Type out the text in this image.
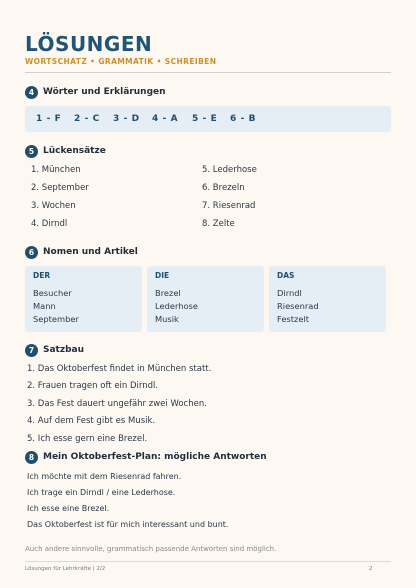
LÖSUNGEN
WORTSCHATZ • GRAMMATIK • SCHREIBEN
4 Wörter und Erklärungen
1 - F 2 - C 3 - D 4 - A 5 - E 6 - B
5 Lückensätze
1. München
2. September
3. Wochen
4. Dirndl
5. Lederhose
6. Brezeln
7. Riesenrad
8. Zelte
6 Nomen und Artikel
DER
Besucher
Mann
September
DIE
Brezel
Lederhose
Musik
DAS
Dirndl
Riesenrad
Festzelt
7 Satzbau
1. Das Oktoberfest findet in München statt.
2. Frauen tragen oft ein Dirndl.
3. Das Fest dauert ungefähr zwei Wochen.
4. Auf dem Fest gibt es Musik.
5. Ich esse gern eine Brezel.
8 Mein Oktoberfest-Plan: mögliche Antworten
Ich möchte mit dem Riesenrad fahren.
Ich trage ein Dirndl / eine Lederhose.
Ich esse eine Brezel.
Das Oktoberfest ist für mich interessant und bunt.
Auch andere sinnvolle, grammatisch passende Antworten sind möglich.
Lösungen für Lehrkräfte | 2/2	2
